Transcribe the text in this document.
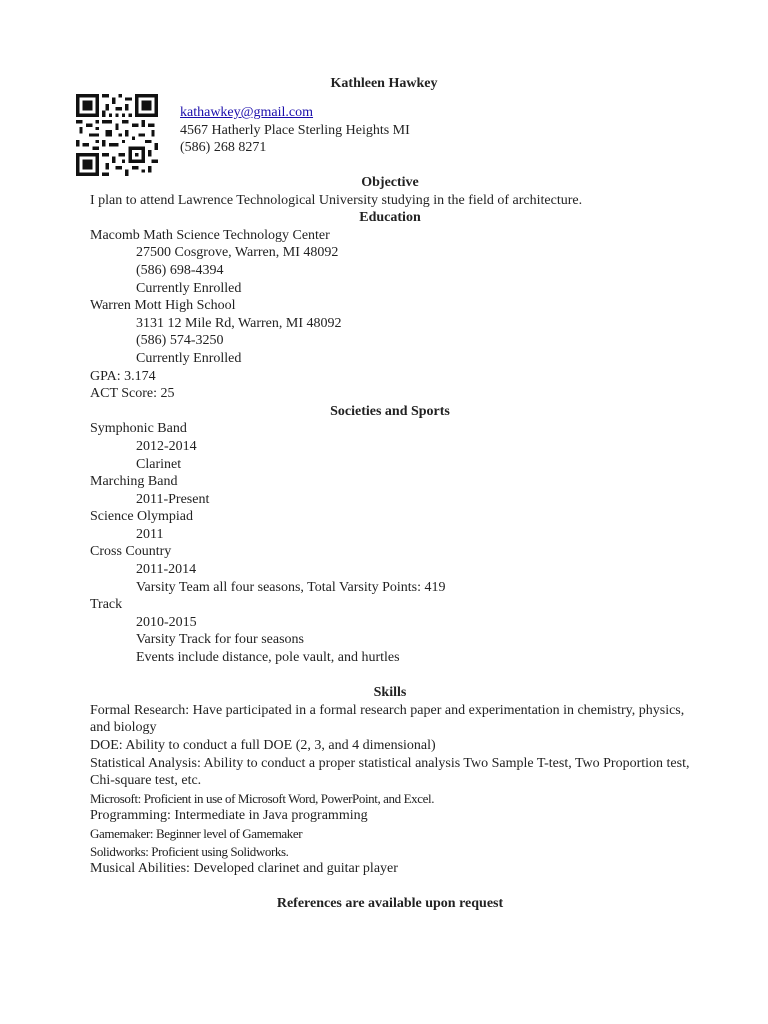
Kathleen Hawkey
kathawkey@gmail.com
4567 Hatherly Place Sterling Heights MI
(586) 268 8271
Objective
I plan to attend Lawrence Technological University studying in the field of architecture.
Education
Macomb Math Science Technology Center
27500 Cosgrove, Warren, MI 48092
(586) 698-4394
Currently Enrolled
Warren Mott High School
3131 12 Mile Rd, Warren, MI 48092
(586) 574-3250
Currently Enrolled
GPA: 3.174
ACT Score: 25
Societies and Sports
Symphonic Band
2012-2014
Clarinet
Marching Band
2011-Present
Science Olympiad
2011
Cross Country
2011-2014
Varsity Team all four seasons, Total Varsity Points: 419
Track
2010-2015
Varsity Track for four seasons
Events include distance, pole vault, and hurtles
Skills
Formal Research: Have participated in a formal research paper and experimentation in chemistry, physics, and biology
DOE: Ability to conduct a full DOE (2, 3, and 4 dimensional)
Statistical Analysis: Ability to conduct a proper statistical analysis Two Sample T-test, Two Proportion test, Chi-square test, etc.
Microsoft: Proficient in use of Microsoft Word, PowerPoint, and Excel.
Programming: Intermediate in Java programming
Gamemaker: Beginner level of Gamemaker
Solidworks: Proficient using Solidworks.
Musical Abilities: Developed clarinet and guitar player
References are available upon request
